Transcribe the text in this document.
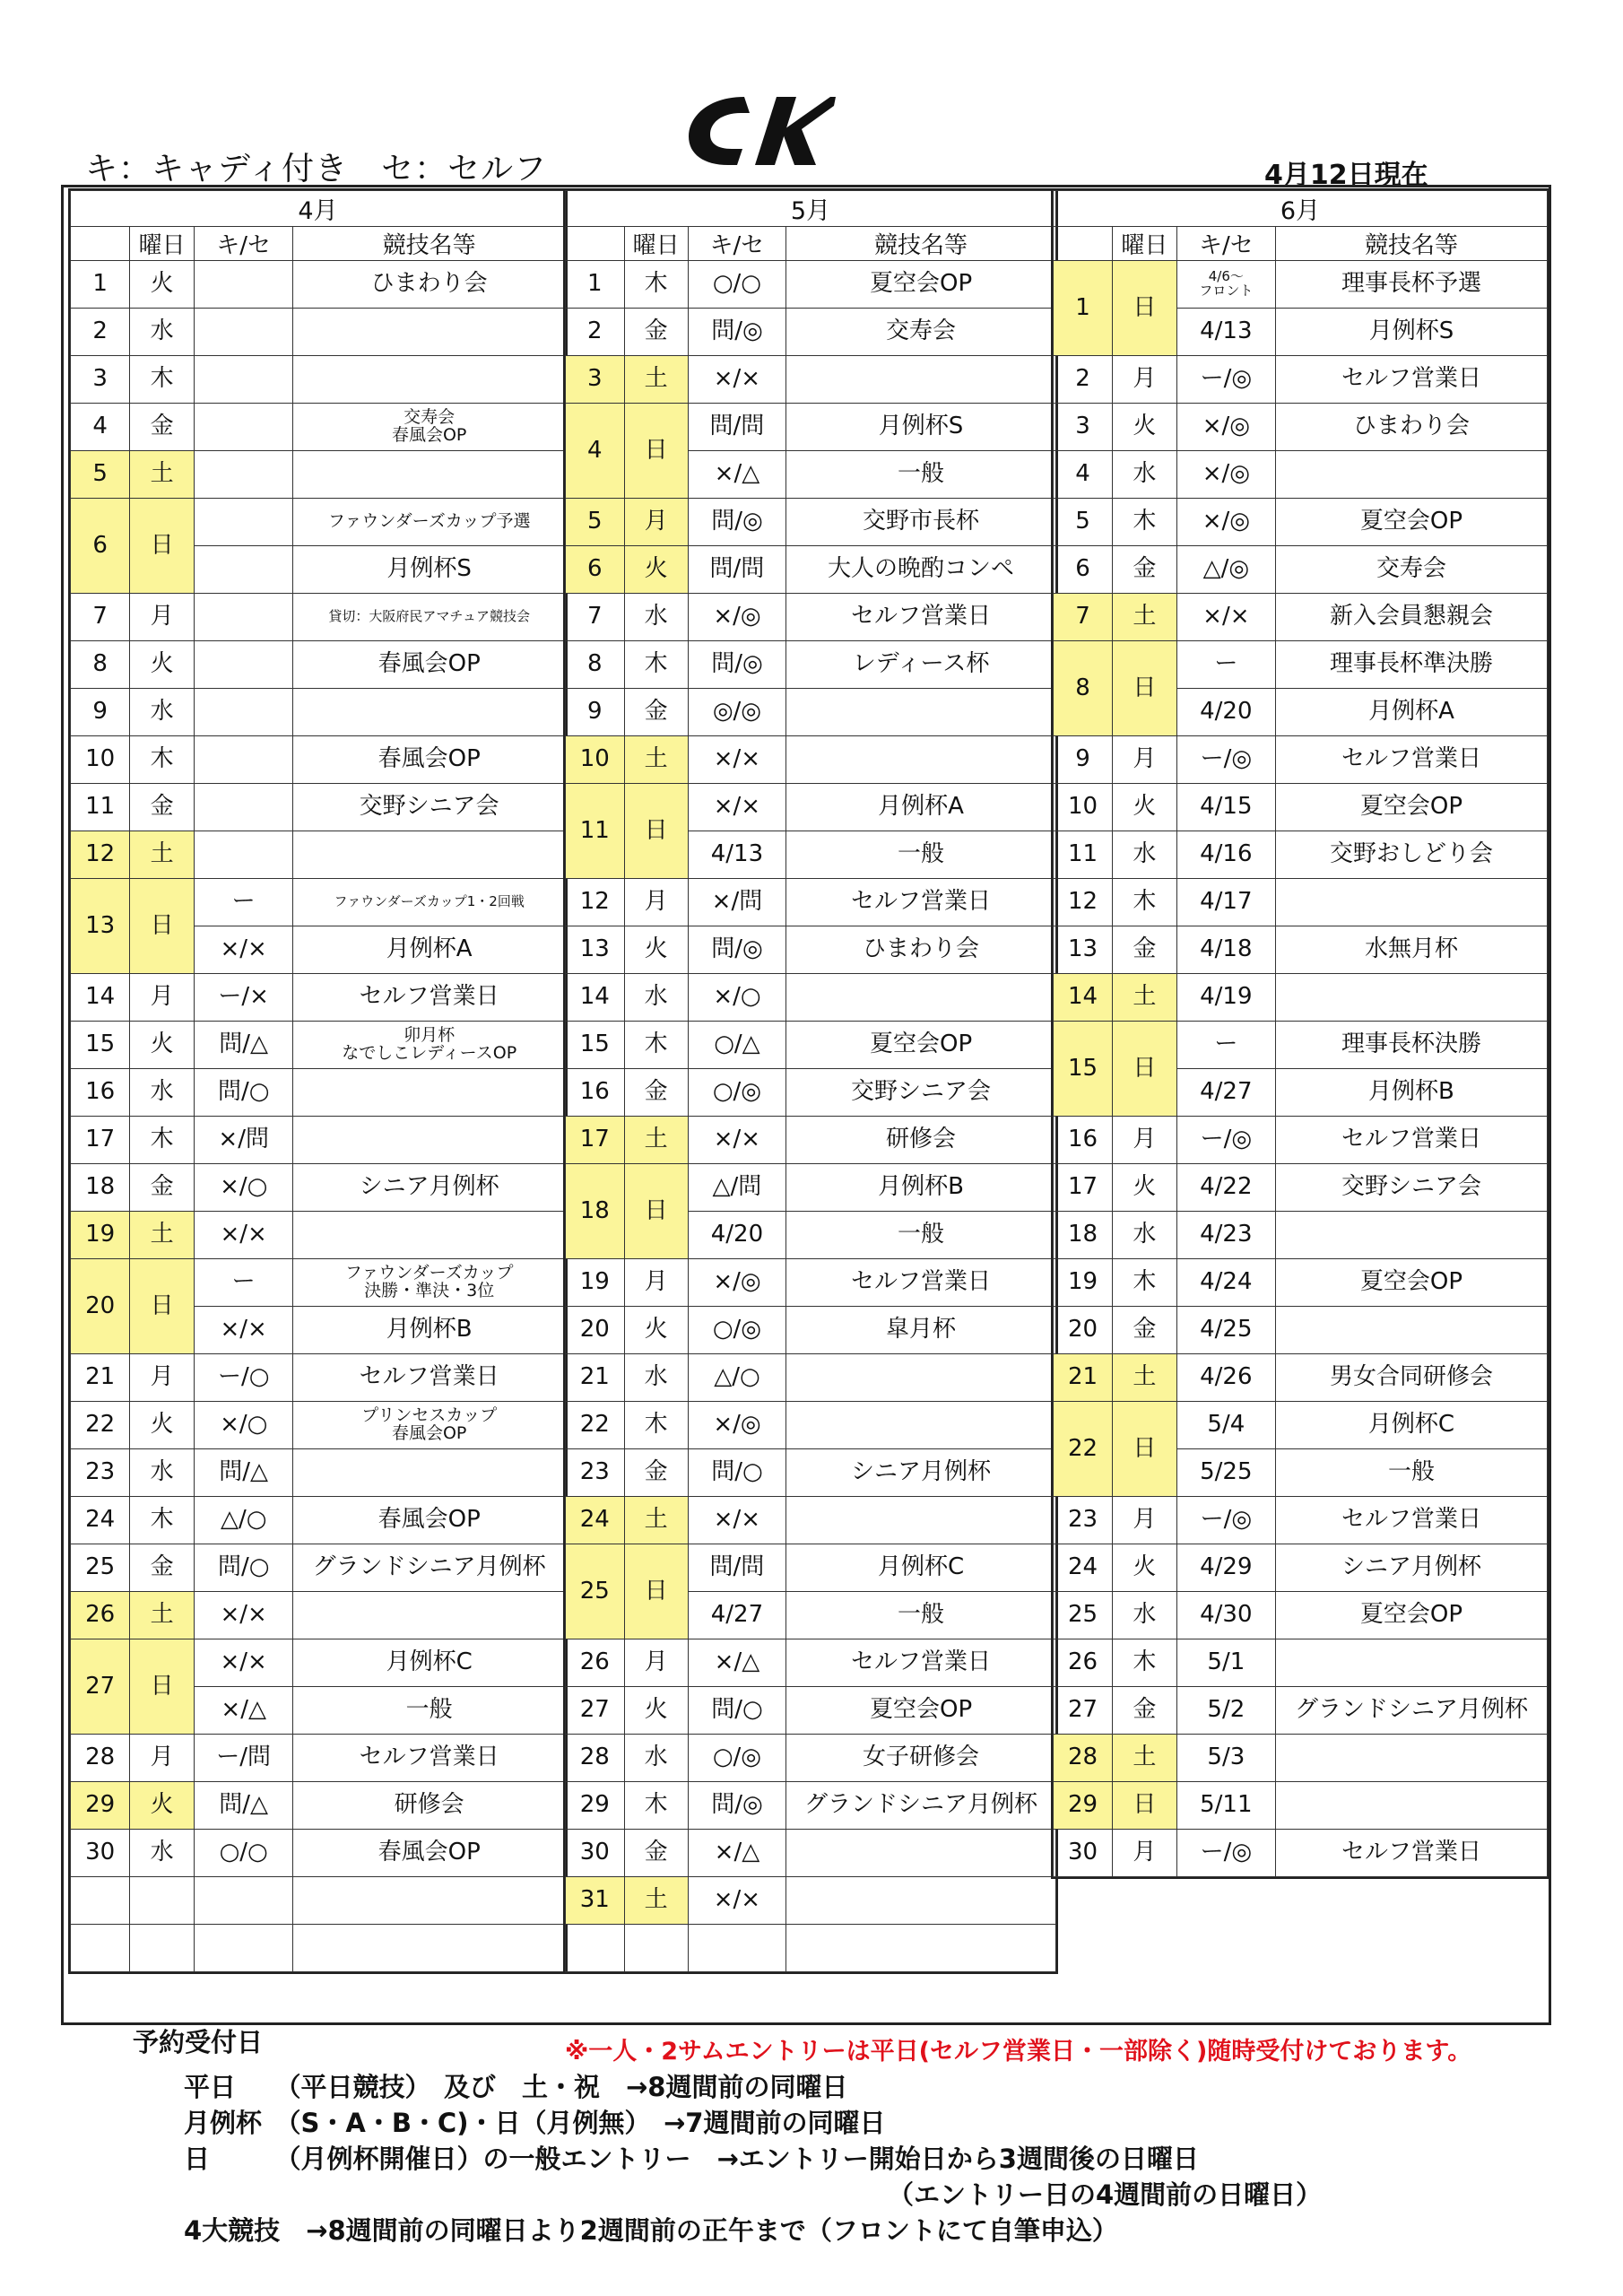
キ：キャディ付き　セ：セルフ	4月12日現在
4月			
	曜日	キ/セ	競技名等
1	火		ひまわり会
2	水		
3	木		
4	金		交寿会
春風会OP
5	土		
6	日		ファウンダーズカップ予選
			月例杯S
7	月		貸切：大阪府民アマチュア競技会
8	火		春風会OP
9	水		
10	木		春風会OP
11	金		交野シニア会
12	土		
13	日	ー	ファウンダーズカップ1・2回戦
		×/×	月例杯A
14	月	ー/×	セルフ営業日
15	火	問/△	卯月杯
なでしこレディースOP
16	水	問/○	
17	木	×/問	
18	金	×/○	シニア月例杯
19	土	×/×	
20	日	ー	ファウンダーズカップ
決勝・準決・3位
		×/×	月例杯B
21	月	ー/○	セルフ営業日
22	火	×/○	プリンセスカップ
春風会OP
23	水	問/△	
24	木	△/○	春風会OP
25	金	問/○	グランドシニア月例杯
26	土	×/×	
27	日	×/×	月例杯C
		×/△	一般
28	月	ー/問	セルフ営業日
29	火	問/△	研修会
30	水	○/○	春風会OP

5月			
	曜日	キ/セ	競技名等
1	木	○/○	夏空会OP
2	金	問/◎	交寿会
3	土	×/×	
4	日	問/問	月例杯S
		×/△	一般
5	月	問/◎	交野市長杯
6	火	問/問	大人の晩酌コンペ
7	水	×/◎	セルフ営業日
8	木	問/◎	レディース杯
9	金	◎/◎	
10	土	×/×	
11	日	×/×	月例杯A
		4/13	一般
12	月	×/問	セルフ営業日
13	火	問/◎	ひまわり会
14	水	×/○	
15	木	○/△	夏空会OP
16	金	○/◎	交野シニア会
17	土	×/×	研修会
18	日	△/問	月例杯B
		4/20	一般
19	月	×/◎	セルフ営業日
20	火	○/◎	皐月杯
21	水	△/○	
22	木	×/◎	
23	金	問/○	シニア月例杯
24	土	×/×	
25	日	問/問	月例杯C
		4/27	一般
26	月	×/△	セルフ営業日
27	火	問/○	夏空会OP
28	水	○/◎	女子研修会
29	木	問/◎	グランドシニア月例杯
30	金	×/△	
31	土	×/×	

6月			
	曜日	キ/セ	競技名等
1	日	4/6～
フロント	理事長杯予選
		4/13	月例杯S
2	月	ー/◎	セルフ営業日
3	火	×/◎	ひまわり会
4	水	×/◎	
5	木	×/◎	夏空会OP
6	金	△/◎	交寿会
7	土	×/×	新入会員懇親会
8	日	ー	理事長杯準決勝
		4/20	月例杯A
9	月	ー/◎	セルフ営業日
10	火	4/15	夏空会OP
11	水	4/16	交野おしどり会
12	木	4/17	
13	金	4/18	水無月杯
14	土	4/19	
15	日	ー	理事長杯決勝
		4/27	月例杯B
16	月	ー/◎	セルフ営業日
17	火	4/22	交野シニア会
18	水	4/23	
19	木	4/24	夏空会OP
20	金	4/25	
21	土	4/26	男女合同研修会
22	日	5/4	月例杯C
		5/25	一般
23	月	ー/◎	セルフ営業日
24	火	4/29	シニア月例杯
25	水	4/30	夏空会OP
26	木	5/1	
27	金	5/2	グランドシニア月例杯
28	土	5/3	
29	日	5/11	
30	月	ー/◎	セルフ営業日
予約受付日	※一人・2サムエントリーは平日(セルフ営業日・一部除く)随時受付けております。
平日　　（平日競技）　及び　土・祝　→8週間前の同曜日
月例杯　（S・A・B・C)・日（月例無）　→7週間前の同曜日
日　　　（月例杯開催日）の一般エントリー　→エントリー開始日から3週間後の日曜日
（エントリー日の4週間前の日曜日）
4大競技　→8週間前の同曜日より2週間前の正午まで（フロントにて自筆申込）
